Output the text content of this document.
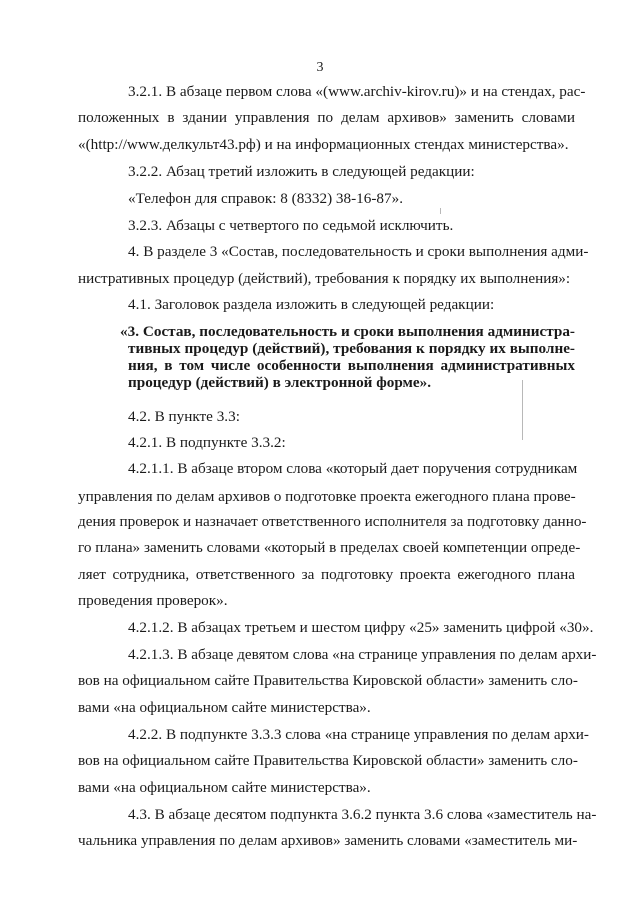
3
3.2.1. В абзаце первом слова «(www.archiv-kirov.ru)» и на стендах, рас-
положенных в здании управления по делам архивов» заменить словами
«(http://www.делкульт43.рф) и на информационных стендах министерства».
3.2.2. Абзац третий изложить в следующей редакции:
«Телефон для справок: 8 (8332) 38-16-87».
3.2.3. Абзацы с четвертого по седьмой исключить.
4. В разделе 3 «Состав, последовательность и сроки выполнения адми-
нистративных процедур (действий), требования к порядку их выполнения»:
4.1. Заголовок раздела изложить в следующей редакции:
«3. Состав, последовательность и сроки выполнения администра-
тивных процедур (действий), требования к порядку их выполне-
ния, в том числе особенности выполнения административных
процедур (действий) в электронной форме».
4.2. В пункте 3.3:
4.2.1. В подпункте 3.3.2:
4.2.1.1. В абзаце втором слова «который дает поручения сотрудникам
управления по делам архивов о подготовке проекта ежегодного плана прове-
дения проверок и назначает ответственного исполнителя за подготовку данно-
го плана» заменить словами «который в пределах своей компетенции опреде-
ляет сотрудника, ответственного за подготовку проекта ежегодного плана
проведения проверок».
4.2.1.2. В абзацах третьем и шестом цифру «25» заменить цифрой «30».
4.2.1.3. В абзаце девятом слова «на странице управления по делам архи-
вов на официальном сайте Правительства Кировской области» заменить сло-
вами «на официальном сайте министерства».
4.2.2. В подпункте 3.3.3 слова «на странице управления по делам архи-
вов на официальном сайте Правительства Кировской области» заменить сло-
вами «на официальном сайте министерства».
4.3. В абзаце десятом подпункта 3.6.2 пункта 3.6 слова «заместитель на-
чальника управления по делам архивов» заменить словами «заместитель ми-
